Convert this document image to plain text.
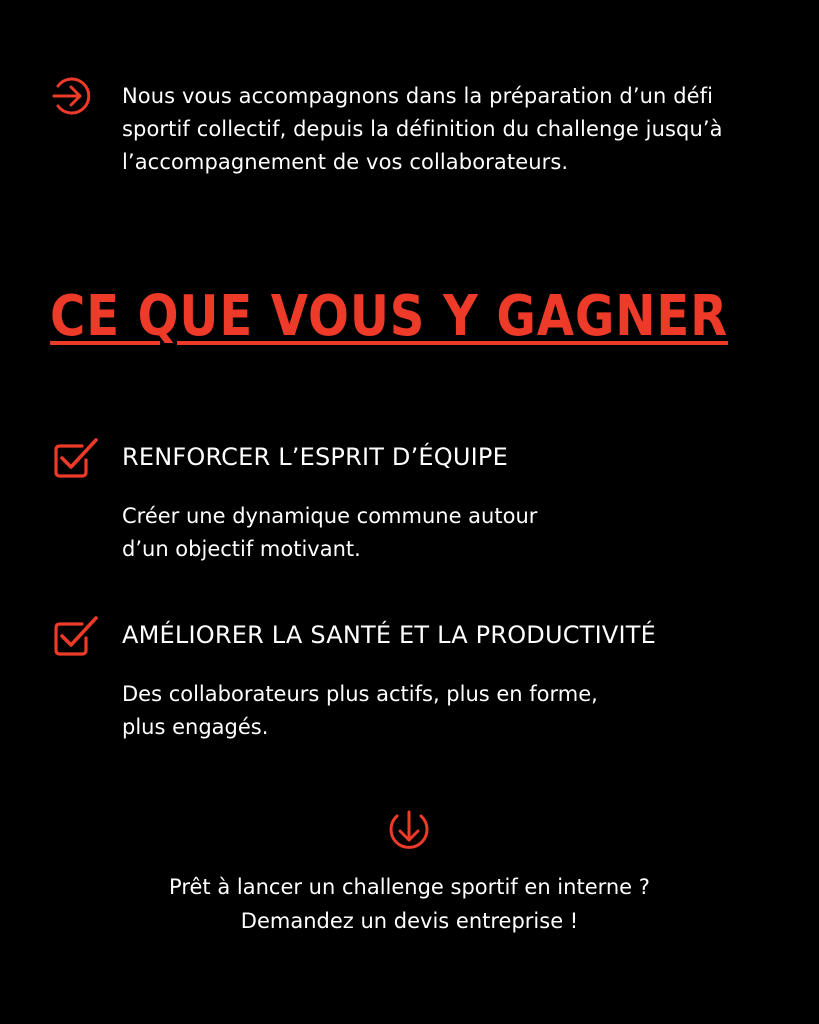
Nous vous accompagnons dans la préparation d’un défi sportif collectif, depuis la définition du challenge jusqu’à l’accompagnement de vos collaborateurs.
CE QUE VOUS Y GAGNER
RENFORCER L’ESPRIT D’ÉQUIPE
Créer une dynamique commune autour
d’un objectif motivant.
AMÉLIORER LA SANTÉ ET LA PRODUCTIVITÉ
Des collaborateurs plus actifs, plus en forme,
plus engagés.
Prêt à lancer un challenge sportif en interne ?
Demandez un devis entreprise !
